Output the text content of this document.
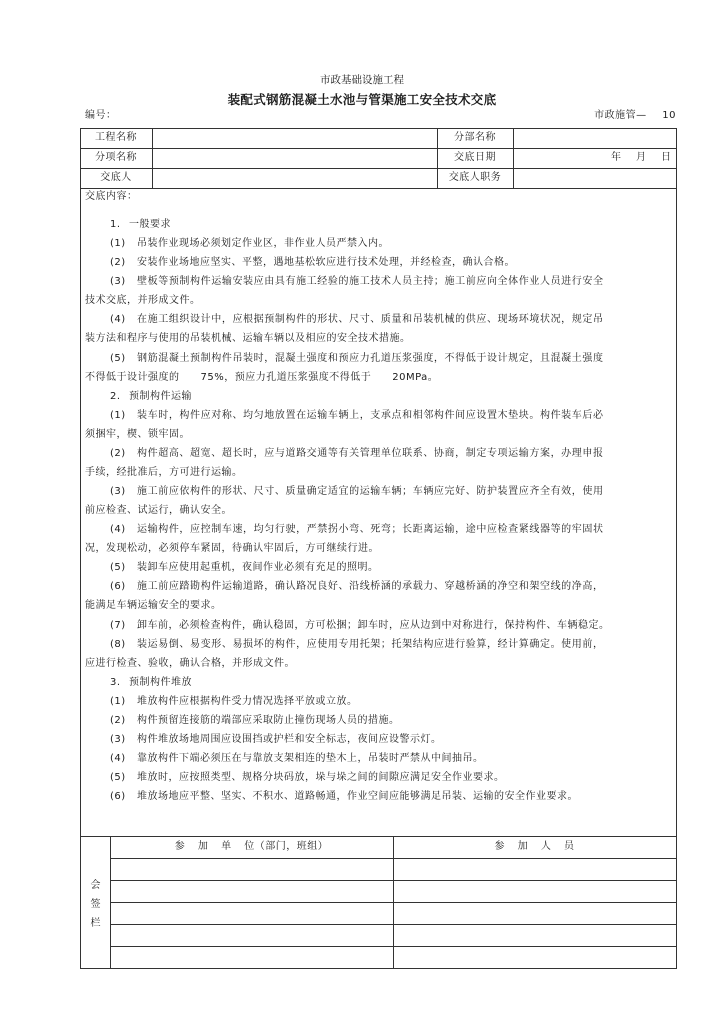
市政基础设施工程
装配式钢筋混凝土水池与管渠施工安全技术交底
编号：	市政施管— 10
工程名称	分部名称
分项名称	交底日期	年 月 日
交底人	交底人职务
交底内容：
1. 一般要求
(1) 吊装作业现场必须划定作业区，非作业人员严禁入内。
(2) 安装作业场地应坚实、平整，遇地基松软应进行技术处理，并经检查，确认合格。
(3) 壁板等预制构件运输安装应由具有施工经验的施工技术人员主持；施工前应向全体作业人员进行安全
技术交底，并形成文件。
(4) 在施工组织设计中，应根据预制构件的形状、尺寸、质量和吊装机械的供应、现场环境状况，规定吊
装方法和程序与使用的吊装机械、运输车辆以及相应的安全技术措施。
(5) 钢筋混凝土预制构件吊装时，混凝土强度和预应力孔道压浆强度，不得低于设计规定，且混凝土强度
不得低于设计强度的　　75%，预应力孔道压浆强度不得低于　　20MPa。
2. 预制构件运输
(1) 装车时，构件应对称、均匀地放置在运输车辆上，支承点和相邻构件间应设置木垫块。构件装车后必
须捆牢，楔、锁牢固。
(2) 构件超高、超宽、超长时，应与道路交通等有关管理单位联系、协商，制定专项运输方案，办理申报
手续，经批准后，方可进行运输。
(3) 施工前应依构件的形状、尺寸、质量确定适宜的运输车辆；车辆应完好、防护装置应齐全有效，使用
前应检查、试运行，确认安全。
(4) 运输构件，应控制车速，均匀行驶，严禁拐小弯、死弯；长距离运输，途中应检查紧线器等的牢固状
况，发现松动，必须停车紧固，待确认牢固后，方可继续行进。
(5) 装卸车应使用起重机，夜间作业必须有充足的照明。
(6) 施工前应踏勘构件运输道路，确认路况良好、沿线桥涵的承载力、穿越桥涵的净空和架空线的净高，
能满足车辆运输安全的要求。
(7) 卸车前，必须检查构件，确认稳固，方可松捆；卸车时，应从边到中对称进行，保持构件、车辆稳定。
(8) 装运易倒、易变形、易损坏的构件，应使用专用托架；托架结构应进行验算，经计算确定。使用前，
应进行检查、验收，确认合格，并形成文件。
3. 预制构件堆放
(1) 堆放构件应根据构件受力情况选择平放或立放。
(2) 构件预留连接筋的端部应采取防止撞伤现场人员的措施。
(3) 构件堆放场地周围应设围挡或护栏和安全标志，夜间应设警示灯。
(4) 靠放构件下端必须压在与靠放支架相连的垫木上，吊装时严禁从中间抽吊。
(5) 堆放时，应按照类型、规格分块码放，垛与垛之间的间隙应满足安全作业要求。
(6) 堆放场地应平整、坚实、不积水、道路畅通，作业空间应能够满足吊装、运输的安全作业要求。
会签栏
参 加 单 位（部门，班组）	参 加 人 员
